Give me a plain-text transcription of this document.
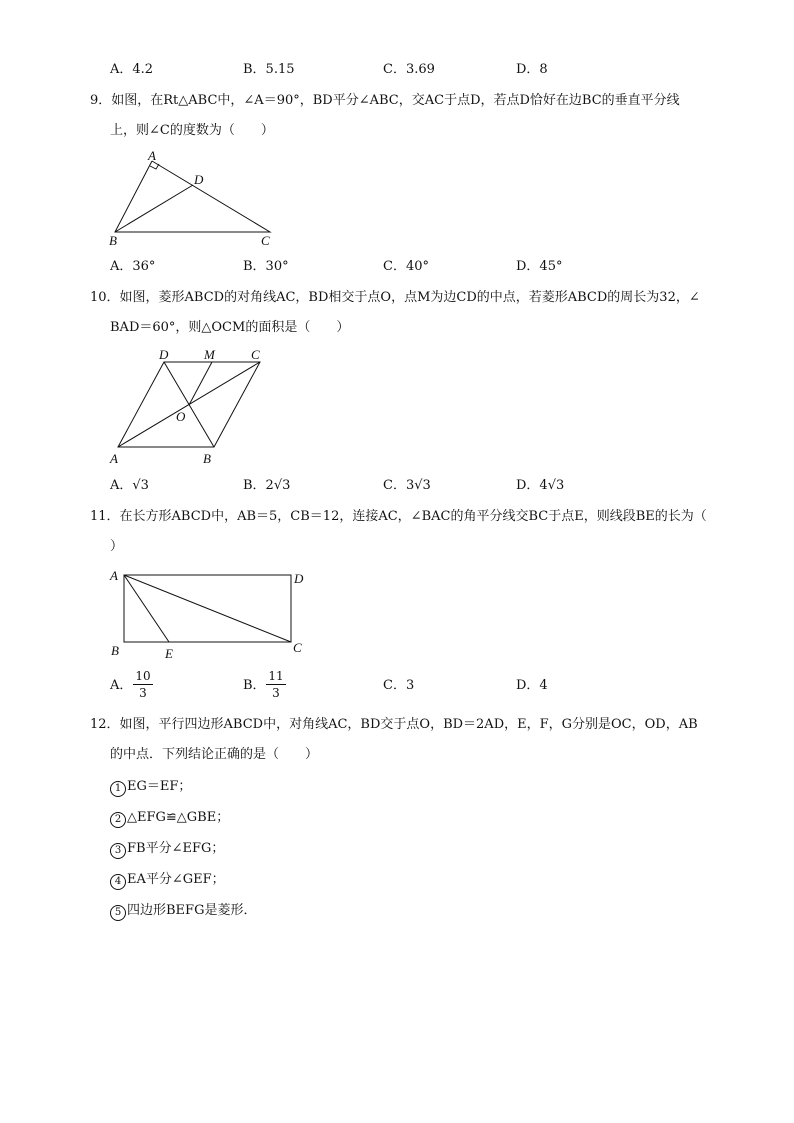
A．4.2	B．5.15	C．3.69	D．8
9．如图，在Rt△ABC中，∠A＝90°，BD平分∠ABC，交AC于点D，若点D恰好在边BC的垂直平分线
上，则∠C的度数为（　　）
A
D
B	C
A．36°	B．30°	C．40°	D．45°
10．如图，菱形ABCD的对角线AC，BD相交于点O，点M为边CD的中点，若菱形ABCD的周长为32，∠
BAD＝60°，则△OCM的面积是（　　）
D	M	C
O
A	B
A．√3	B．2√3	C．3√3	D．4√3
11．在长方形ABCD中，AB＝5，CB＝12，连接AC，∠BAC的角平分线交BC于点E，则线段BE的长为（
）
A	D
B	E	C
A．
10
3	B．
11
3	C．3	D．4
12．如图，平行四边形ABCD中，对角线AC，BD交于点O，BD＝2AD，E，F，G分别是OC，OD，AB
的中点．下列结论正确的是（　　）
1 EG＝EF；
2 △EFG≌△GBE；
3 FB平分∠EFG；
4 EA平分∠GEF；
5 四边形BEFG是菱形．
